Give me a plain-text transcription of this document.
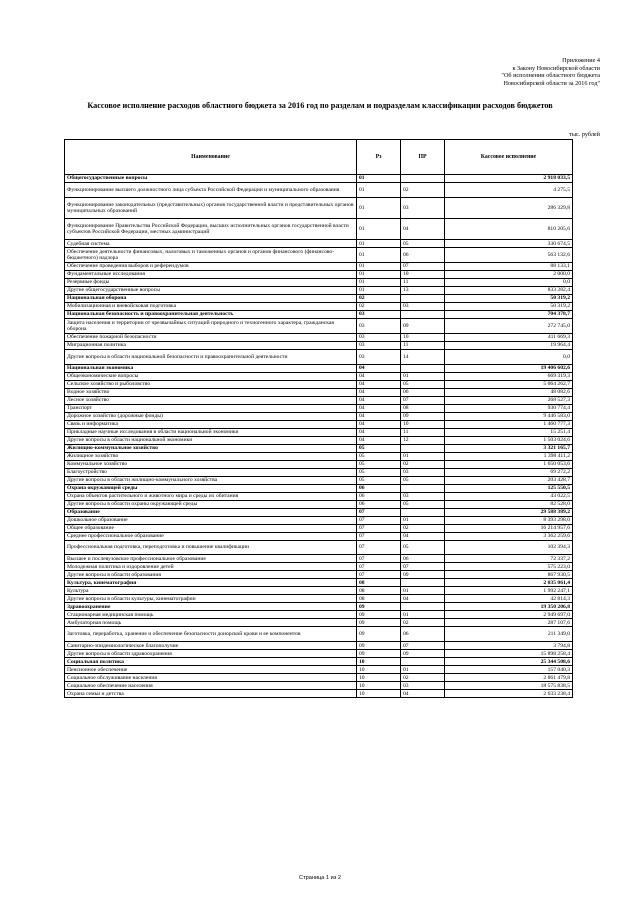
Приложение 4
к Закону Новосибирской области
"Об исполнении областного бюджета
Новосибирской области за 2016 год"
Кассовое исполнение расходов областного бюджета за 2016 год по разделам и подразделам классификации расходов бюджетов
тыс. рублей
Наименование	Рз	ПР	Кассовое исполнение
Общегосударственные вопросы	01		2 918 033,5
Функционирование высшего должностного лица субъекта Российской Федерации и муниципального образования	01	02	4 275,5
Функционирование законодательных (представительных) органов государственной власти и представительных органов муниципальных образований	01	03	286 329,8
Функционирование Правительства Российской Федерации, высших исполнительных органов государственной власти субъектов Российской Федерации, местных администраций	01	04	810 205,6
Судебная система	01	05	330 674,5
Обеспечение деятельности финансовых, налоговых и таможенных органов и органов финансового (финансово-бюджетного) надзора	01	06	563 132,6
Обеспечение проведения выборов и референдумов	01	07	88 133,1
Фундаментальные исследования	01	10	2 000,0
Резервные фонды	01	11	0,0
Другие общегосударственные вопросы	01	13	833 282,4
Национальная оборона	02		50 319,2
Мобилизационная и вневойсковая подготовка	02	03	50 319,2
Национальная безопасность и правоохранительная деятельность	03		704 378,7
Защита населения и территории от чрезвычайных ситуаций природного и техногенного характера, гражданская оборона	03	09	272 745,0
Обеспечение пожарной безопасности	03	10	411 669,3
Миграционная политика	03	11	19 964,4
Другие вопросы в области национальной безопасности и правоохранительной деятельности	03	14	0,0
Национальная экономика	04		19 406 602,6
Общеэкономические вопросы	04	01	669 319,3
Сельское хозяйство и рыболовство	04	05	5 064 262,7
Водное хозяйство	04	06	48 082,6
Лесное хозяйство	04	07	268 527,3
Транспорт	04	08	930 774,4
Дорожное хозяйство (дорожные фонды)	04	09	9 446 583,0
Связь и информатика	04	10	1 460 777,3
Прикладные научные исследования в области национальной экономики	04	11	15 251,4
Другие вопросы в области национальной экономики	04	12	1 503 024,6
Жилищно-коммунальное хозяйство	05		3 321 165,7
Жилищное хозяйство	05	01	1 398 411,2
Коммунальное хозяйство	05	02	1 650 053,6
Благоустройство	05	03	69 272,2
Другие вопросы в области жилищно-коммунального хозяйства	05	05	203 428,7
Охрана окружающей среды	06		125 550,5
Охрана объектов растительного и животного мира и среды их обитания	06	03	43 022,5
Другие вопросы в области охраны окружающей среды	06	05	82 528,0
Образование	07		29 588 389,2
Дошкольное образование	07	01	8 393 298,0
Общее образование	07	02	16 214 957,6
Среднее профессиональное образование	07	04	3 362 259,6
Профессиональная подготовка, переподготовка и повышение квалификации	07	05	102 394,3
Высшее и послевузовское профессиональное образование	07	06	72 337,2
Молодежная политика и оздоровление детей	07	07	575 223,0
Другие вопросы в области образования	07	09	867 930,5
Культура, кинематография	08		2 035 061,4
Культура	08	01	1 992 247,1
Другие вопросы в области культуры, кинематографии	08	04	42 814,3
Здравоохранение	09		19 350 206,8
Стационарная медицинская помощь	09	01	2 949 697,0
Амбулаторная помощь	09	02	287 107,6
Заготовка, переработка, хранение и обеспечение безопасности донорской крови и ее компонентов	09	06	211 349,0
Санитарно-эпидемиологическое благополучие	09	07	3 794,8
Другие вопросы в области здравоохранения	09	09	15 898 258,4
Социальная политика	10		25 344 508,6
Пенсионное обеспечение	10	01	157 040,3
Социальное обслуживание населения	10	02	2 861 479,8
Социальное обеспечение населения	10	03	18 575 838,5
Охрана семьи и детства	10	04	2 633 238,4
Страница 1 из 2
